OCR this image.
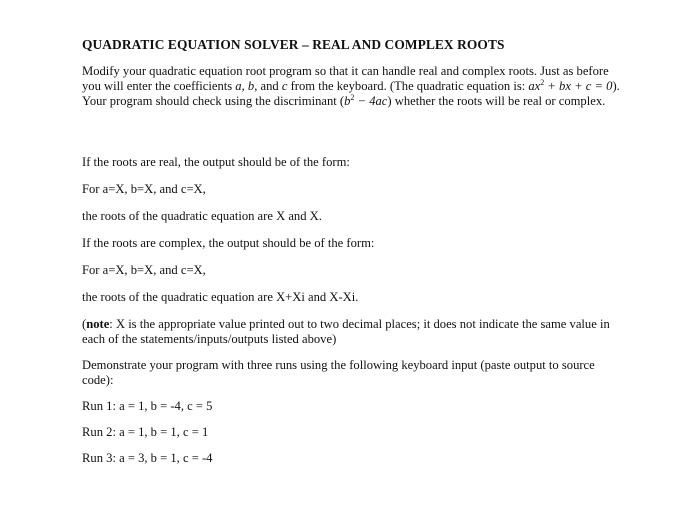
QUADRATIC EQUATION SOLVER – REAL AND COMPLEX ROOTS

Modify your quadratic equation root program so that it can handle real and complex roots. Just as before you will enter the coefficients a, b, and c from the keyboard. (The quadratic equation is: $ax^2$ + bx + c = 0). Your program should check using the discriminant $(b^2 - 4ac)$ whether the roots will be real or complex.

If the roots are real, the output should be of the form:

For a=X, b=X, and c=X,

the roots of the quadratic equation are X and X.

If the roots are complex, the output should be of the form:

For a=X, b=X, and c=X,

the roots of the quadratic equation are X+Xi and X-Xi.

(note: X is the appropriate value printed out to two decimal places; it does not indicate the same value in each of the statements/inputs/outputs listed above)

Demonstrate your program with three runs using the following keyboard input (paste output to source code):

Run 1: a = 1, b = -4, c = 5

Run 2: a = 1, b = 1, c = 1

Run 3: a = 3, b = 1, c = -4
